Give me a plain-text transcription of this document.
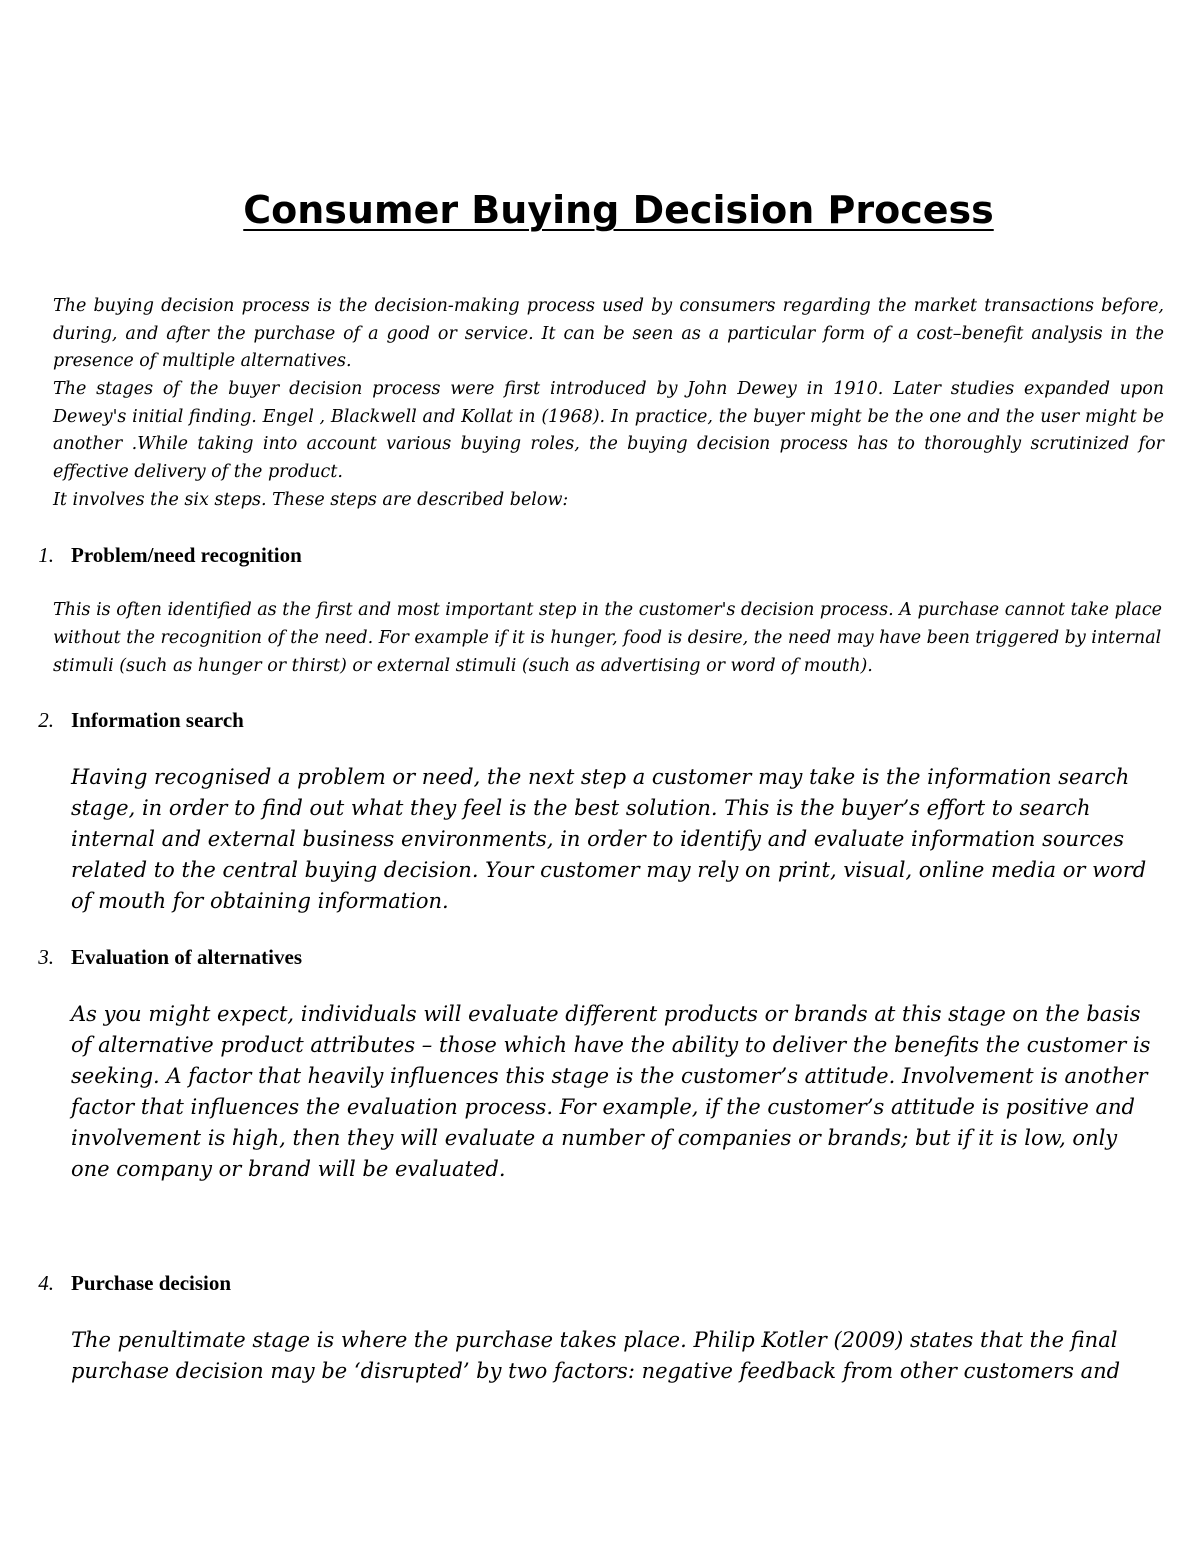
Consumer Buying Decision Process

The buying decision process is the decision-making process used by consumers regarding the market transactions before, during, and after the purchase of a good or service. It can be seen as a particular form of a cost–benefit analysis in the presence of multiple alternatives.

The stages of the buyer decision process were first introduced by John Dewey in 1910. Later studies expanded upon Dewey's initial finding. Engel , Blackwell and Kollat in (1968). In practice, the buyer might be the one and the user might be another .While taking into account various buying roles, the buying decision process has to thoroughly scrutinized for effective delivery of the product.

It involves the six steps. These steps are described below:

1. Problem/need recognition

This is often identified as the first and most important step in the customer's decision process. A purchase cannot take place without the recognition of the need. For example if it is hunger, food is desire, the need may have been triggered by internal stimuli (such as hunger or thirst) or external stimuli (such as advertising or word of mouth).

2. Information search

Having recognised a problem or need, the next step a customer may take is the information search stage, in order to find out what they feel is the best solution. This is the buyer’s effort to search internal and external business environments, in order to identify and evaluate information sources related to the central buying decision. Your customer may rely on print, visual, online media or word of mouth for obtaining information.

3. Evaluation of alternatives

As you might expect, individuals will evaluate different products or brands at this stage on the basis of alternative product attributes – those which have the ability to deliver the benefits the customer is seeking. A factor that heavily influences this stage is the customer’s attitude. Involvement is another factor that influences the evaluation process. For example, if the customer’s attitude is positive and involvement is high, then they will evaluate a number of companies or brands; but if it is low, only one company or brand will be evaluated.

4. Purchase decision

The penultimate stage is where the purchase takes place. Philip Kotler (2009) states that the final purchase decision may be ‘disrupted’ by two factors: negative feedback from other customers and
